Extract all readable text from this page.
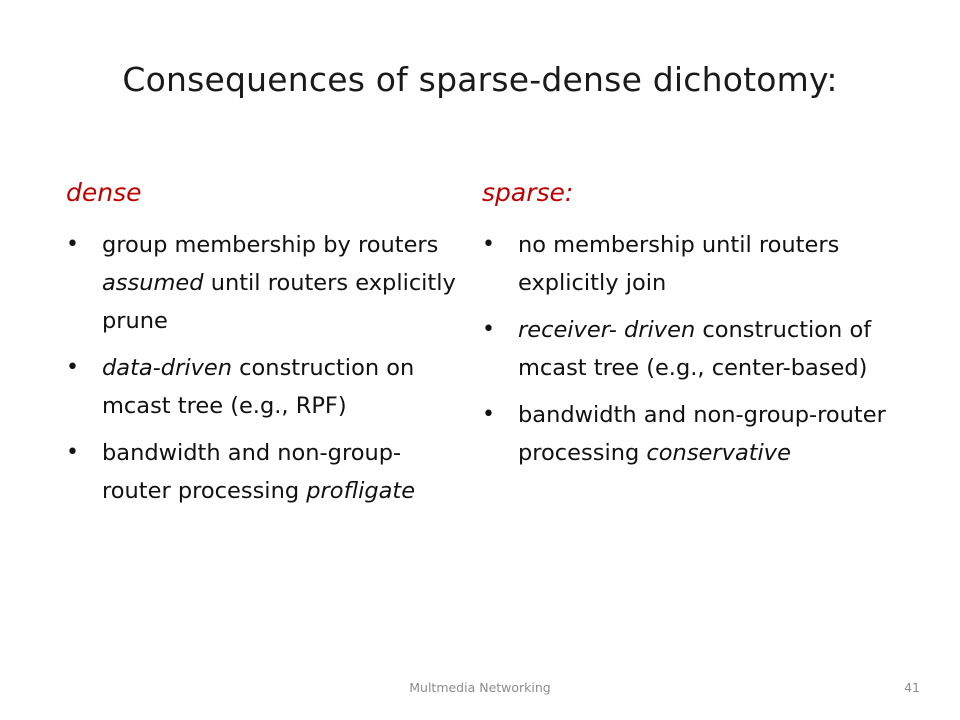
Consequences of sparse-dense dichotomy:
dense
• group membership by routers assumed until routers explicitly prune
• data-driven construction on mcast tree (e.g., RPF)
• bandwidth and non-group-router processing profligate
sparse:
• no membership until routers explicitly join
• receiver- driven construction of mcast tree (e.g., center-based)
• bandwidth and non-group-router processing conservative
Multmedia Networking	41
